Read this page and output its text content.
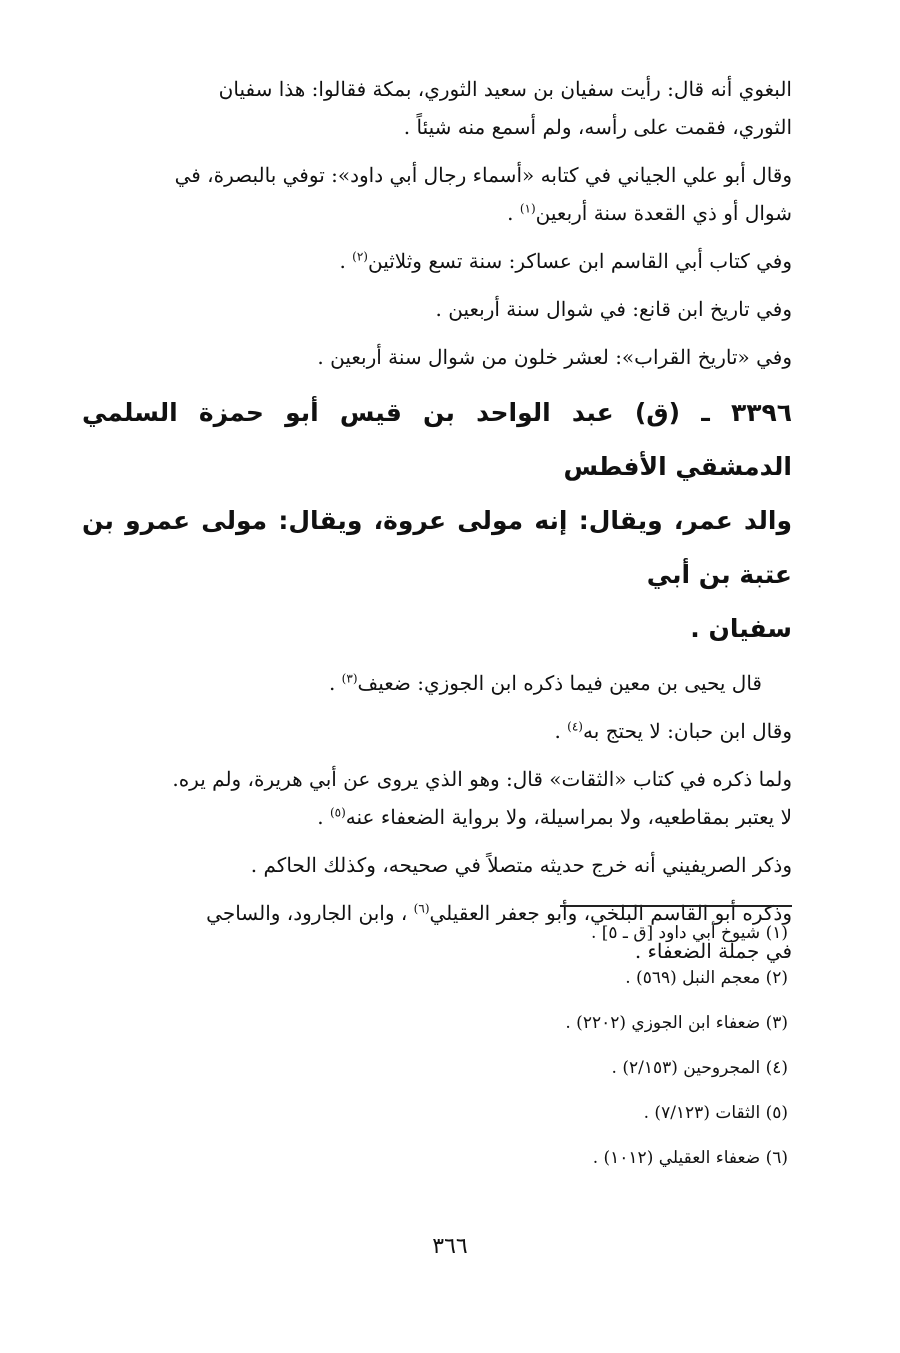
البغوي أنه قال: رأيت سفيان بن سعيد الثوري، بمكة فقالوا: هذا سفيان
الثوري، فقمت على رأسه، ولم أسمع منه شيئاً .
وقال أبو علي الجياني في كتابه «أسماء رجال أبي داود»: توفي بالبصرة، في
شوال أو ذي القعدة سنة أربعين$^{(١)}$ .
وفي كتاب أبي القاسم ابن عساكر: سنة تسع وثلاثين$^{(٢)}$ .
وفي تاريخ ابن قانع: في شوال سنة أربعين .
وفي «تاريخ القراب»: لعشر خلون من شوال سنة أربعين .
٣٣٩٦ ـ (ق) عبد الواحد بن قيس أبو حمزة السلمي الدمشقي الأفطس
والد عمر، ويقال: إنه مولى عروة، ويقال: مولى عمرو بن عتبة بن أبي
سفيان .
قال يحيى بن معين فيما ذكره ابن الجوزي: ضعيف$^{(٣)}$ .
وقال ابن حبان: لا يحتج به$^{(٤)}$ .
ولما ذكره في كتاب «الثقات» قال: وهو الذي يروى عن أبي هريرة، ولم يره.
لا يعتبر بمقاطعيه، ولا بمراسيلة، ولا برواية الضعفاء عنه$^{(٥)}$ .
وذكر الصريفيني أنه خرج حديثه متصلاً في صحيحه، وكذلك الحاكم .
وذكره أبو القاسم البلخي، وأبو جعفر العقيلي$^{(٦)}$ ، وابن الجارود، والساجي
في جملة الضعفاء .
(١) شيوخ أبي داود [ق ـ ٥] .
(٢) معجم النبل (٥٦٩) .
(٣) ضعفاء ابن الجوزي (٢٢٠٢) .
(٤) المجروحين (٢/١٥٣) .
(٥) الثقات (٧/١٢٣) .
(٦) ضعفاء العقيلي (١٠١٢) .
٣٦٦
